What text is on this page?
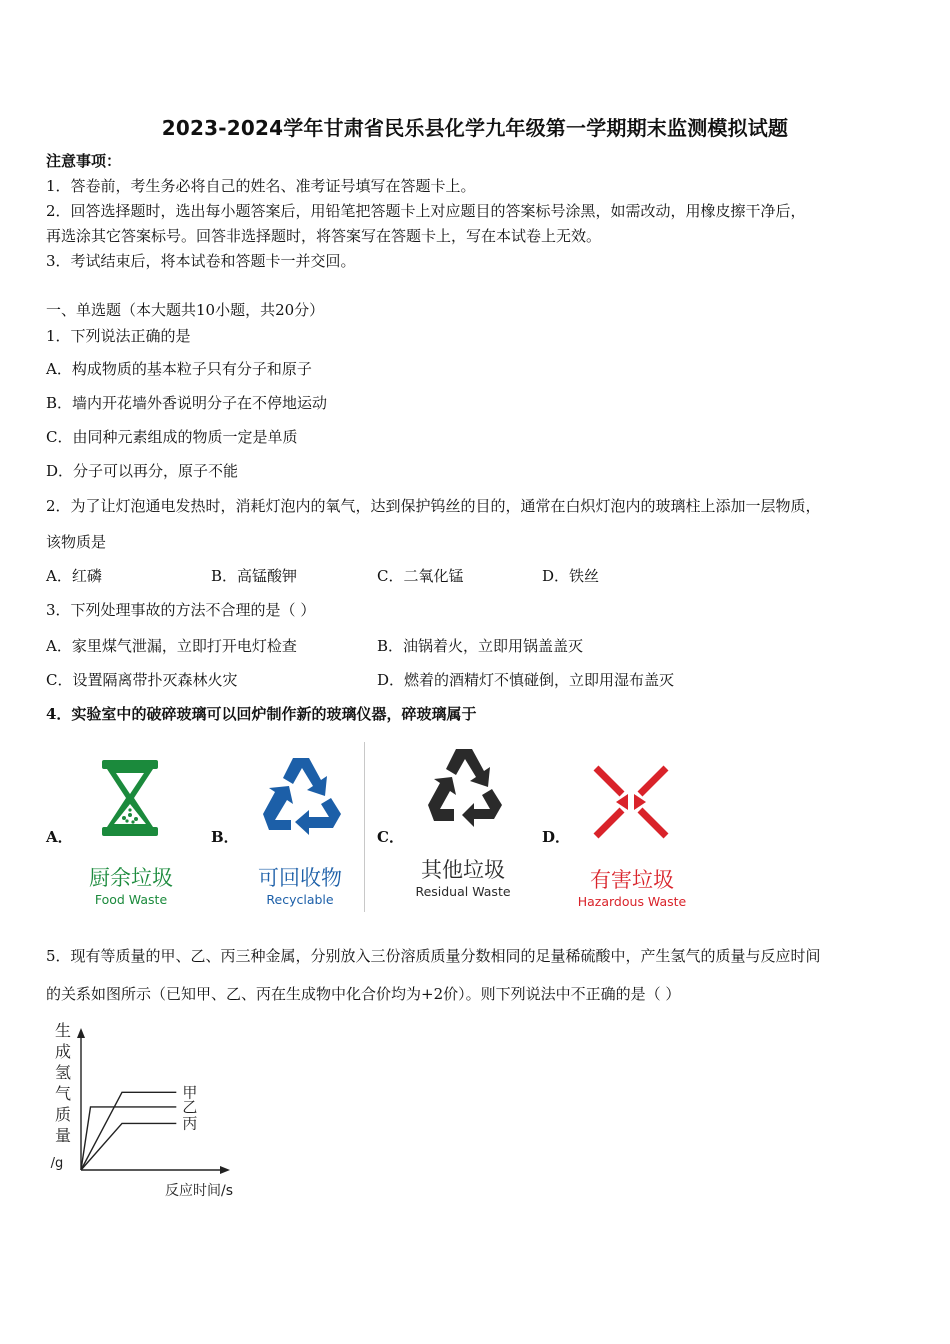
2023-2024学年甘肃省民乐县化学九年级第一学期期末监测模拟试题
注意事项：
1．答卷前，考生务必将自己的姓名、准考证号填写在答题卡上。
2．回答选择题时，选出每小题答案后，用铅笔把答题卡上对应题目的答案标号涂黑，如需改动，用橡皮擦干净后，
再选涂其它答案标号。回答非选择题时，将答案写在答题卡上，写在本试卷上无效。
3．考试结束后，将本试卷和答题卡一并交回。
一、单选题（本大题共10小题，共20分）
1．下列说法正确的是
A．构成物质的基本粒子只有分子和原子
B．墙内开花墙外香说明分子在不停地运动
C．由同种元素组成的物质一定是单质
D．分子可以再分，原子不能
2．为了让灯泡通电发热时，消耗灯泡内的氧气，达到保护钨丝的目的，通常在白炽灯泡内的玻璃柱上添加一层物质，
该物质是
A．红磷	B．高锰酸钾	C．二氧化锰	D．铁丝
3．下列处理事故的方法不合理的是（ ）
A．家里煤气泄漏，立即打开电灯检查	B．油锅着火，立即用锅盖盖灭
C．设置隔离带扑灭森林火灾	D．燃着的酒精灯不慎碰倒，立即用湿布盖灭
4．实验室中的破碎玻璃可以回炉制作新的玻璃仪器，碎玻璃属于
A．
厨余垃圾
Food Waste
B．
可回收物
Recyclable
C．
其他垃圾
Residual Waste
D．
有害垃圾
Hazardous Waste
5．现有等质量的甲、乙、丙三种金属，分别放入三份溶质质量分数相同的足量稀硫酸中，产生氢气的质量与反应时间
的关系如图所示（已知甲、乙、丙在生成物中化合价均为+2价）。则下列说法中不正确的是（ ）
生
成
氢
气
质
量
/g
甲
乙
丙
反应时间/s
